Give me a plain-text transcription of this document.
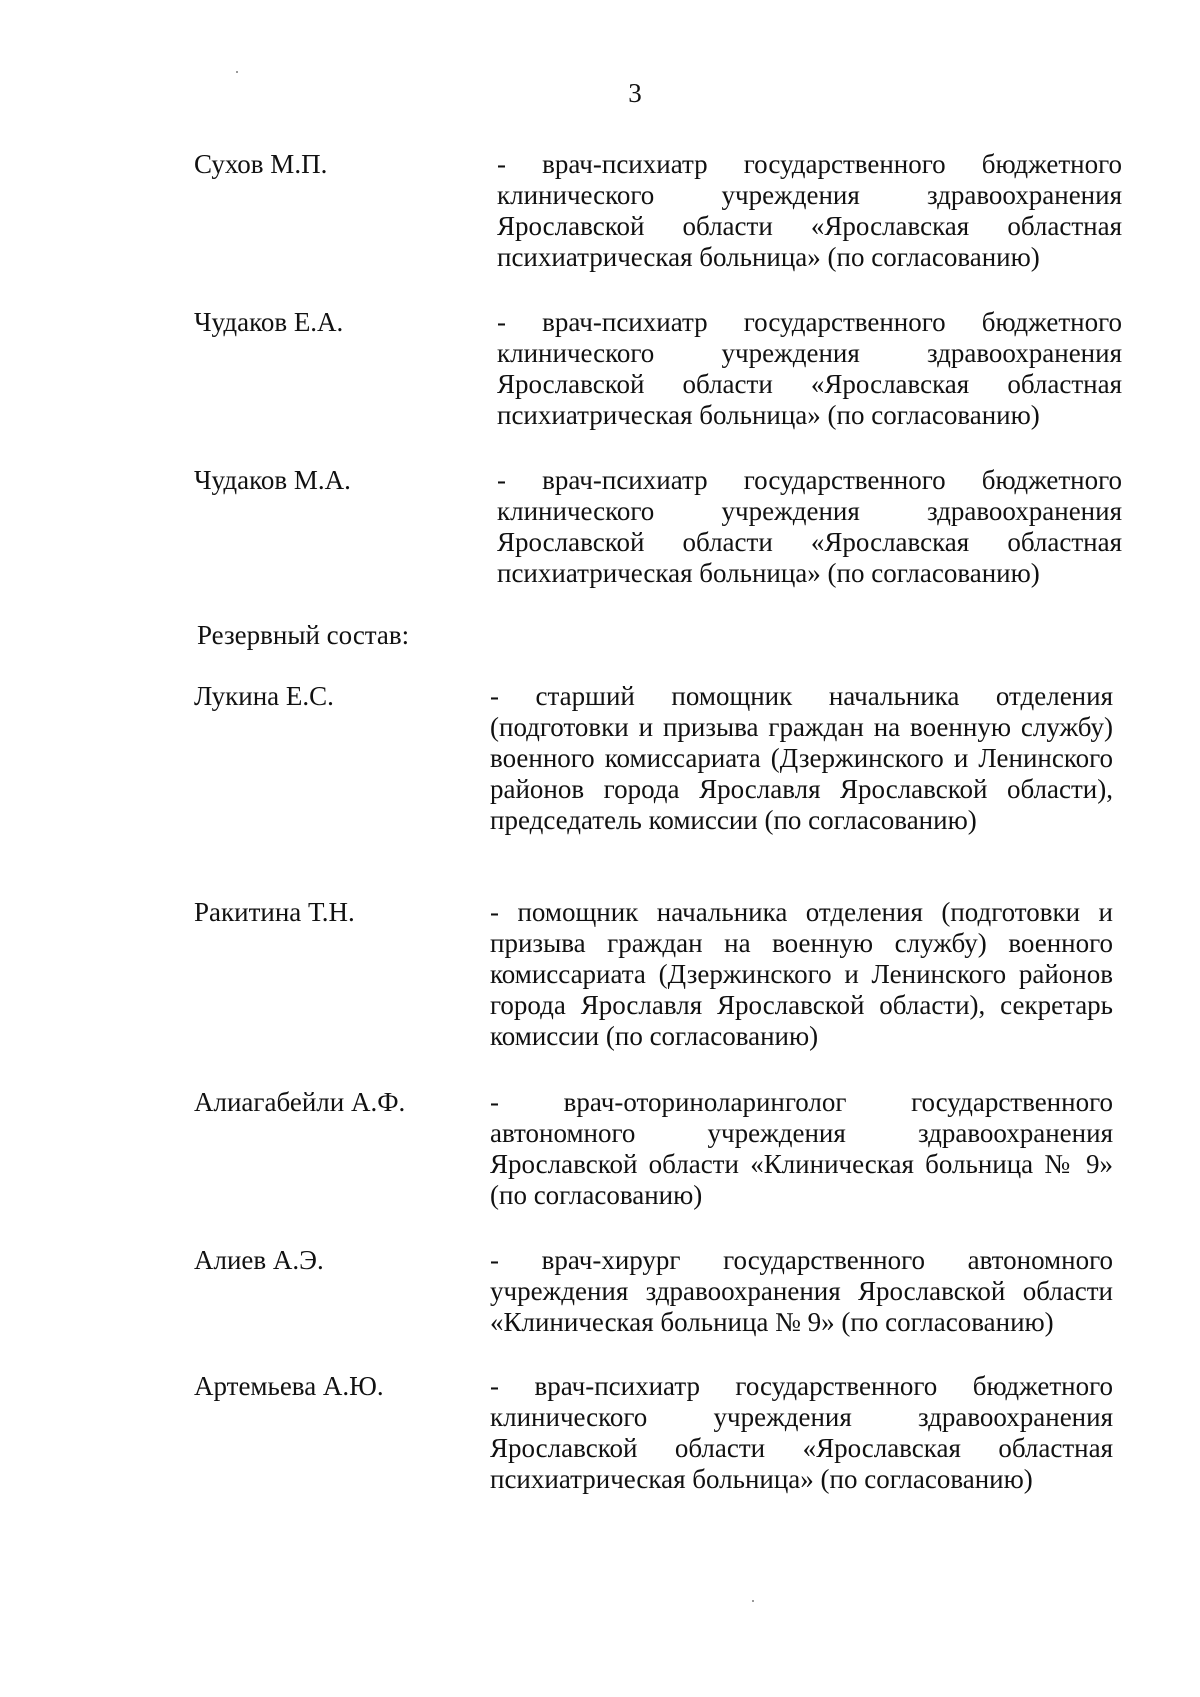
3
Сухов М.П.	- врач-психиатр государственного бюджетного клинического учреждения здравоохранения Ярославской области «Ярославская областная психиатрическая больница» (по согласованию)
Чудаков Е.А.	- врач-психиатр государственного бюджетного клинического учреждения здравоохранения Ярославской области «Ярославская областная психиатрическая больница» (по согласованию)
Чудаков М.А.	- врач-психиатр государственного бюджетного клинического учреждения здравоохранения Ярославской области «Ярославская областная психиатрическая больница» (по согласованию)
Резервный состав:
Лукина Е.С.	- старший помощник начальника отделения (подготовки и призыва граждан на военную службу) военного комиссариата (Дзержинского и Ленинского районов города Ярославля Ярославской области), председатель комиссии (по согласованию)
Ракитина Т.Н.	- помощник начальника отделения (подготовки и призыва граждан на военную службу) военного комиссариата (Дзержинского и Ленинского районов города Ярославля Ярославской области), секретарь комиссии (по согласованию)
Алиагабейли А.Ф.	- врач-оториноларинголог государственного автономного учреждения здравоохранения Ярославской области «Клиническая больница № 9» (по согласованию)
Алиев А.Э.	- врач-хирург государственного автономного учреждения здравоохранения Ярославской области «Клиническая больница № 9» (по согласованию)
Артемьева А.Ю.	- врач-психиатр государственного бюджетного клинического учреждения здравоохранения Ярославской области «Ярославская областная психиатрическая больница» (по согласованию)
